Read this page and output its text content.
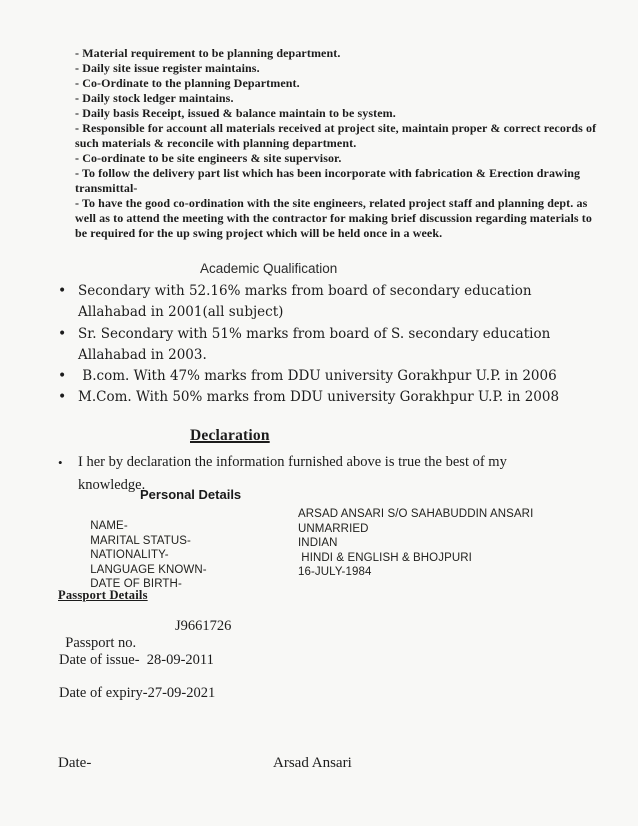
- Material requirement to be planning department.
- Daily site issue register maintains.
- Co-Ordinate to the planning Department.
- Daily stock ledger maintains.
- Daily basis Receipt, issued & balance maintain to be system.
- Responsible for account all materials received at project site, maintain proper & correct records of such materials & reconcile with planning department.
- Co-ordinate to be site engineers & site supervisor.
- To follow the delivery part list which has been incorporate with fabrication & Erection drawing transmittal-
- To have the good co-ordination with the site engineers, related project staff and planning dept. as well as to attend the meeting with the contractor for making brief discussion regarding materials to be required for the up swing project which will be held once in a week.
Academic Qualification
• Secondary with 52.16% marks from board of secondary education Allahabad in 2001(all subject)
• Sr. Secondary with 51% marks from board of S. secondary education Allahabad in 2003.
•  B.com. With 47% marks from DDU university Gorakhpur U.P. in 2006
• M.Com. With 50% marks from DDU university Gorakhpur U.P. in 2008
Declaration
• I her by declaration the information furnished above is true the best of my knowledge.
Personal Details

NAME-

ARSAD ANSARI S/O SAHABUDDIN ANSARI

MARITAL STATUS-

UNMARRIED

NATIONALITY-

INDIAN

LANGUAGE KNOWN-

HINDI & ENGLISH & BHOJPURI

DATE OF BIRTH-

16-JULY-1984

Passport Details

Passport no.

J9661726

Date of issue-  28-09-2011
Date of expiry-27-09-2021
Date-	Arsad Ansari
